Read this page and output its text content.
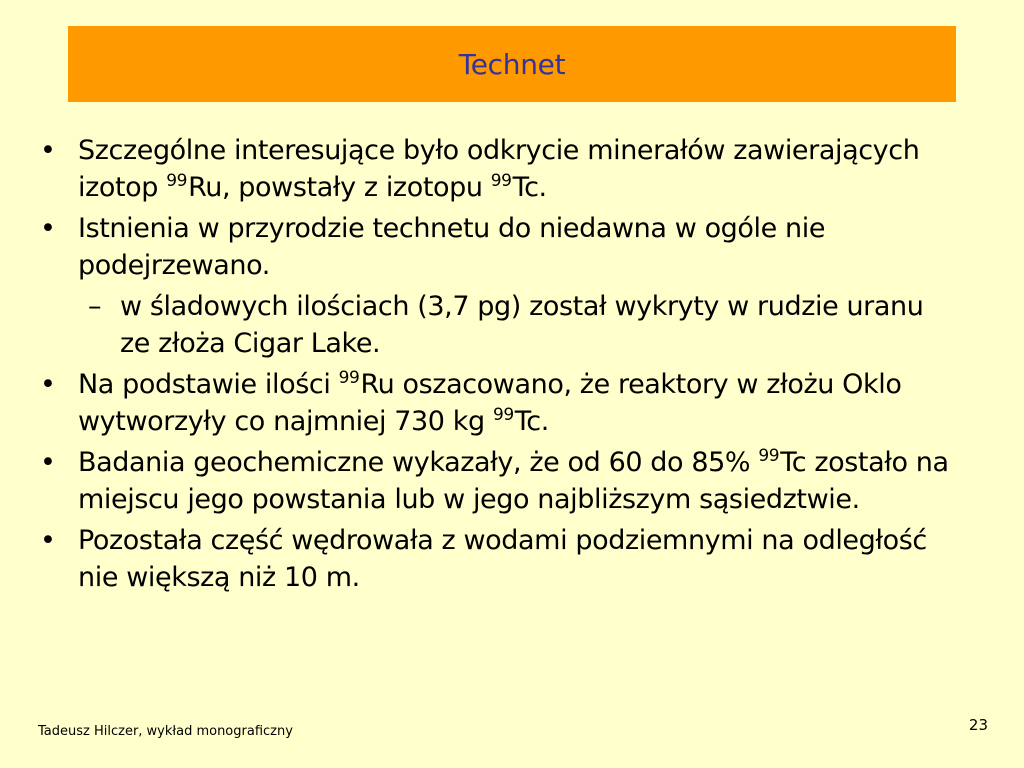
Technet
• Szczególne interesujące było odkrycie minerałów zawierających izotop $^{99}$Ru, powstały z izotopu $^{99}$Tc.
• Istnienia w przyrodzie technetu do niedawna w ogóle nie podejrzewano.
– w śladowych ilościach (3,7 pg) został wykryty w rudzie uranu ze złoża Cigar Lake.
• Na podstawie ilości $^{99}$Ru oszacowano, że reaktory w złożu Oklo wytworzyły co najmniej 730 kg $^{99}$Tc.
• Badania geochemiczne wykazały, że od 60 do 85% $^{99}$Tc zostało na miejscu jego powstania lub w jego najbliższym sąsiedztwie.
• Pozostała część wędrowała z wodami podziemnymi na odległość nie większą niż 10 m.
Tadeusz Hilczer, wykład monograficzny	23
